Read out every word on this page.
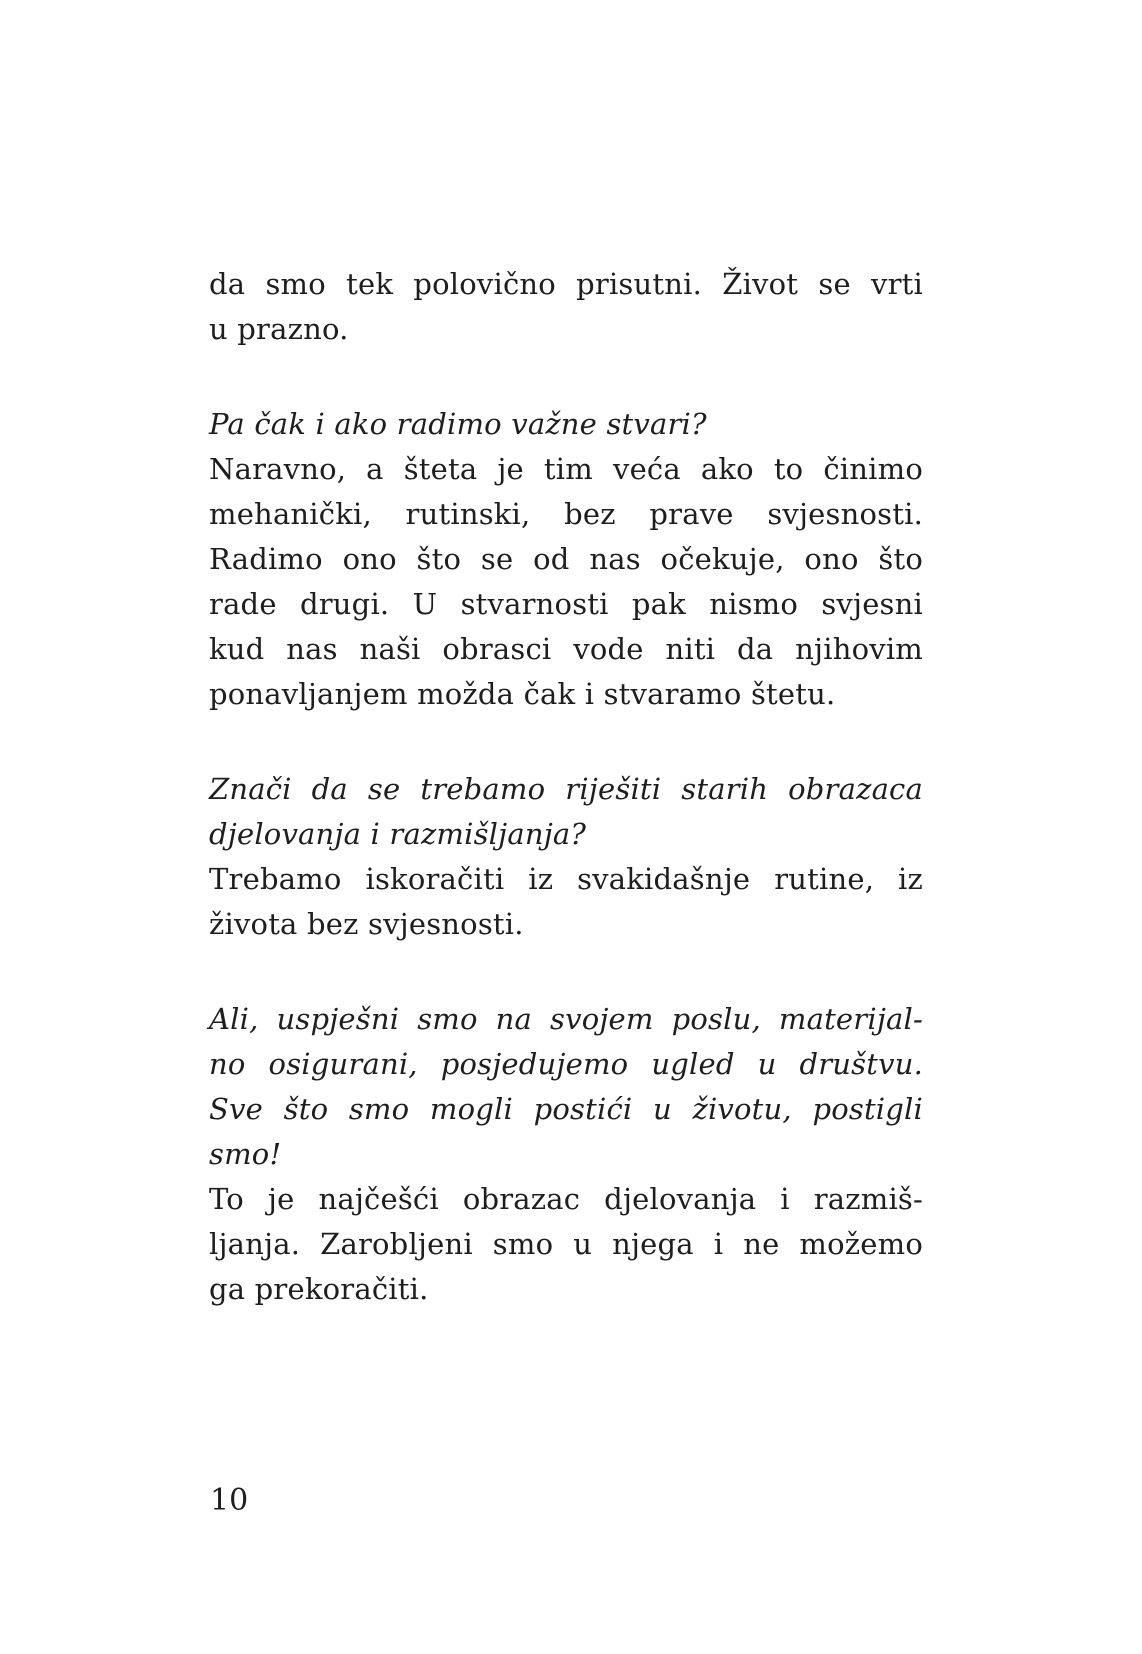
da smo tek polovično prisutni. Život se vrti
u prazno.
Pa čak i ako radimo važne stvari?
Naravno, a šteta je tim veća ako to činimo
mehanički, rutinski, bez prave svjesnosti.
Radimo ono što se od nas očekuje, ono što
rade drugi. U stvarnosti pak nismo svjesni
kud nas naši obrasci vode niti da njihovim
ponavljanjem možda čak i stvaramo štetu.
Znači da se trebamo riješiti starih obrazaca
djelovanja i razmišljanja?
Trebamo iskoračiti iz svakidašnje rutine, iz
života bez svjesnosti.
Ali, uspješni smo na svojem poslu, materijal-
no osigurani, posjedujemo ugled u društvu.
Sve što smo mogli postići u životu, postigli
smo!
To je najčešći obrazac djelovanja i razmiš-
ljanja. Zarobljeni smo u njega i ne možemo
ga prekoračiti.
10
